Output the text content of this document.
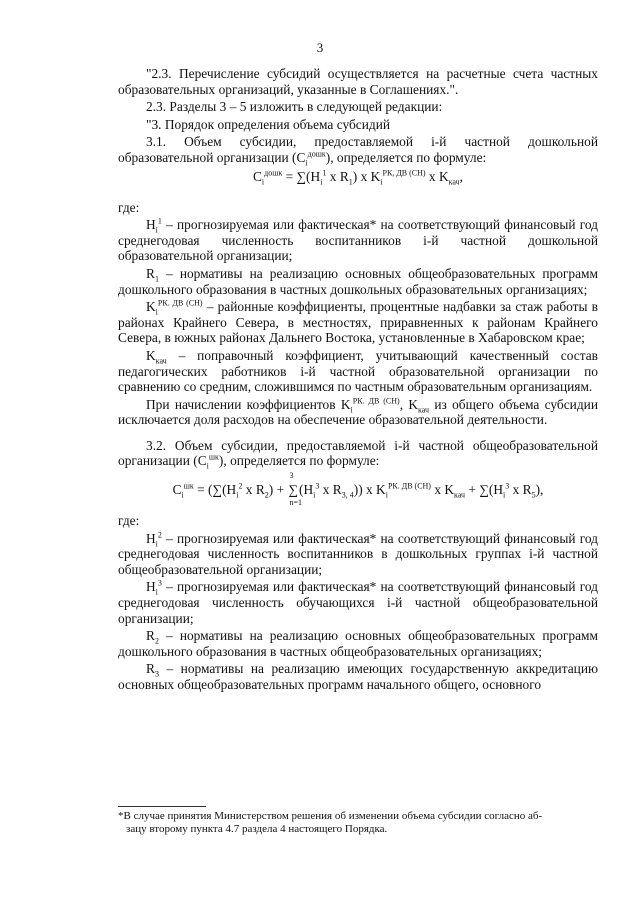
3

"2.3. Перечисление субсидий осуществляется на расчетные счета частных образовательных организаций, указанные в Соглашениях.".

2.3. Разделы 3 – 5 изложить в следующей редакции:

"3. Порядок определения объема субсидий

3.1. Объем субсидии, предоставляемой i-й частной дошкольной образовательной организации $(C_i^{дошк})$, определяется по формуле:

$C_i^{дошк} = \sum(H_i^1$ x $R_1$) x $K_i^{РК, ДВ (СН)}$ x $K_{кач}$,

где:

$H_i^1$ – прогнозируемая или фактическая* на соответствующий финансовый год среднегодовая численность воспитанников i-й частной дошкольной образовательной организации;

$R_1$ – нормативы на реализацию основных общеобразовательных программ дошкольного образования в частных дошкольных образовательных организациях;

$K_i^{РК. ДВ (СН)}$ – районные коэффициенты, процентные надбавки за стаж работы в районах Крайнего Севера, в местностях, приравненных к районам Крайнего Севера, в южных районах Дальнего Востока, установленные в Хабаровском крае;

$K_{кач}$ – поправочный коэффициент, учитывающий качественный состав педагогических работников i-й частной образовательной организации по сравнению со средним, сложившимся по частным образовательным организациям.

При начислении коэффициентов $K_i^{РК. ДВ (СН)}$, $K_{кач}$ из общего объема субсидии исключается доля расходов на обеспечение образовательной деятельности.

3.2. Объем субсидии, предоставляемой i-й частной общеобразовательной организации $(C_i^{шк})$, определяется по формуле:

$C_i^{шк} = (\sum(H_i^2$ x $R_2$) +
3
∑
n=1
($H_i^3$ x $R_{3, 4}$)) x $K_i^{РК. ДВ (СН)}$ x $K_{кач} + \sum(H_i^3$ x $R_5$),

где:

$H_i^2$ – прогнозируемая или фактическая* на соответствующий финансовый год среднегодовая численность воспитанников в дошкольных группах i-й частной общеобразовательной организации;

$H_i^3$ – прогнозируемая или фактическая* на соответствующий финансовый год среднегодовая численность обучающихся i-й частной общеобразовательной организации;

$R_2$ – нормативы на реализацию основных общеобразовательных программ дошкольного образования в частных общеобразовательных организациях;

$R_3$ – нормативы на реализацию имеющих государственную аккредитацию основных общеобразовательных программ начального общего, основного

*В случае принятия Министерством решения об изменении объема субсидии согласно аб-
зацу второму пункта 4.7 раздела 4 настоящего Порядка.
